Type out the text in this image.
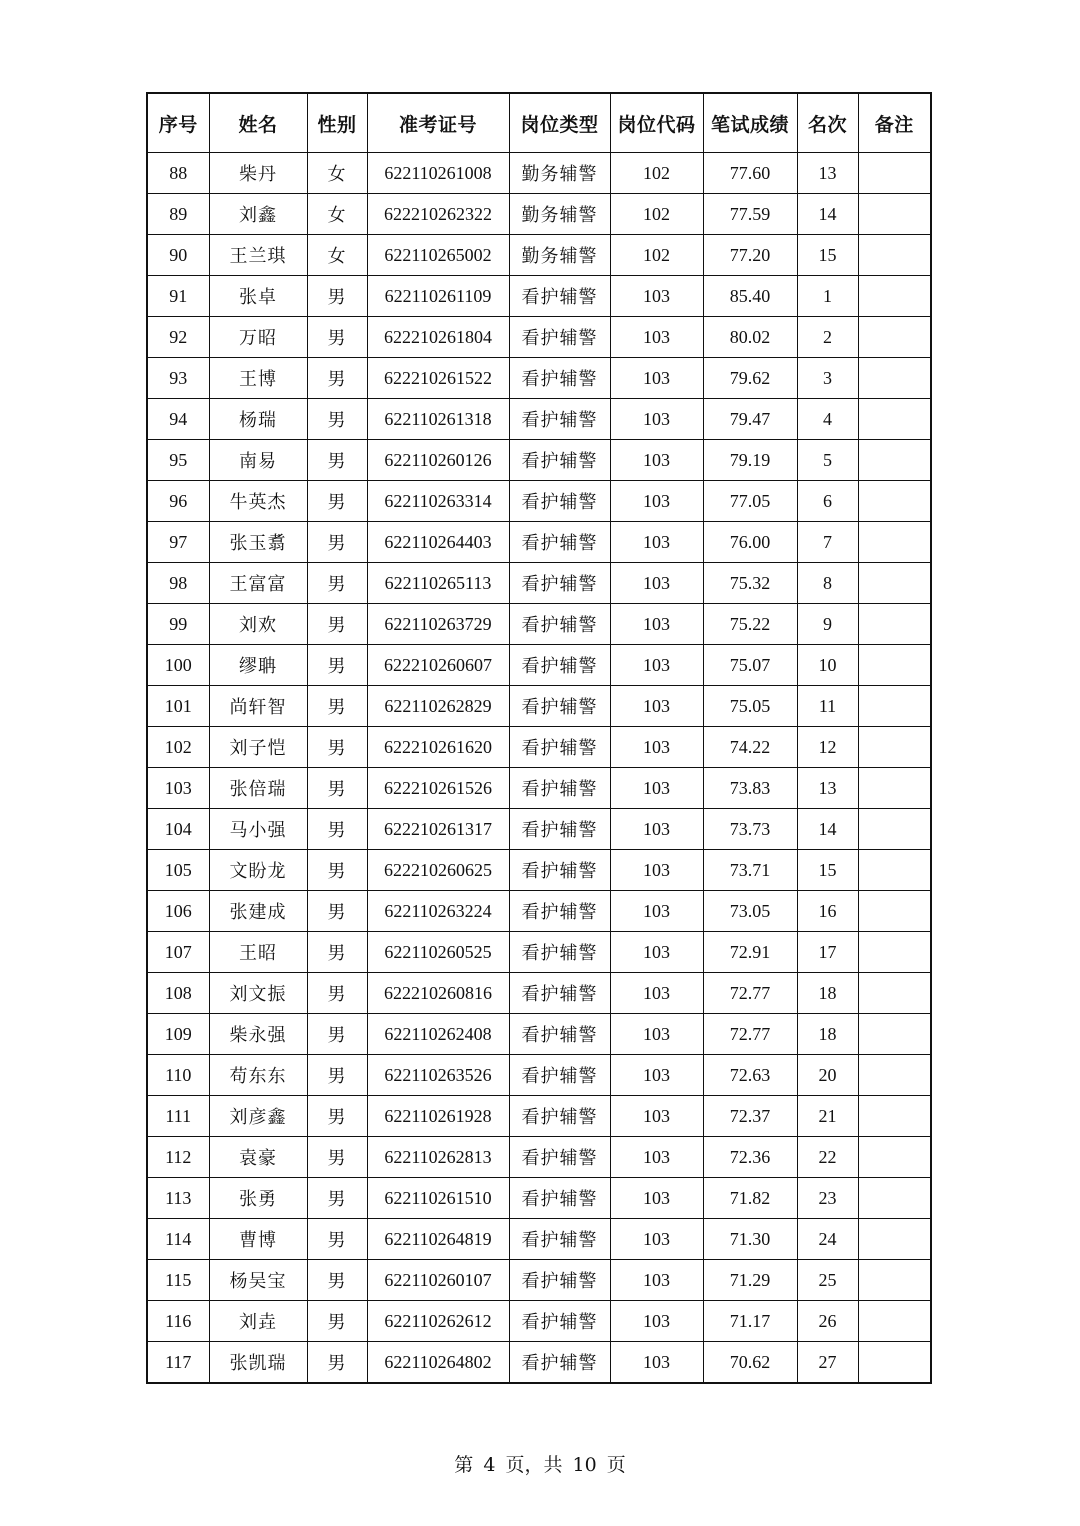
序号	姓名	性别	准考证号	岗位类型	岗位代码	笔试成绩	名次	备注
88	柴丹	女	622110261008	勤务辅警	102	77.60	13	
89	刘鑫	女	622210262322	勤务辅警	102	77.59	14	
90	王兰琪	女	622110265002	勤务辅警	102	77.20	15	
91	张卓	男	622110261109	看护辅警	103	85.40	1	
92	万昭	男	622210261804	看护辅警	103	80.02	2	
93	王博	男	622210261522	看护辅警	103	79.62	3	
94	杨瑞	男	622110261318	看护辅警	103	79.47	4	
95	南易	男	622110260126	看护辅警	103	79.19	5	
96	牛英杰	男	622110263314	看护辅警	103	77.05	6	
97	张玉翥	男	622110264403	看护辅警	103	76.00	7	
98	王富富	男	622110265113	看护辅警	103	75.32	8	
99	刘欢	男	622110263729	看护辅警	103	75.22	9	
100	缪聃	男	622210260607	看护辅警	103	75.07	10	
101	尚轩智	男	622110262829	看护辅警	103	75.05	11	
102	刘子恺	男	622210261620	看护辅警	103	74.22	12	
103	张倍瑞	男	622210261526	看护辅警	103	73.83	13	
104	马小强	男	622210261317	看护辅警	103	73.73	14	
105	文盼龙	男	622210260625	看护辅警	103	73.71	15	
106	张建成	男	622110263224	看护辅警	103	73.05	16	
107	王昭	男	622110260525	看护辅警	103	72.91	17	
108	刘文振	男	622210260816	看护辅警	103	72.77	18	
109	柴永强	男	622110262408	看护辅警	103	72.77	18	
110	苟东东	男	622110263526	看护辅警	103	72.63	20	
111	刘彦鑫	男	622110261928	看护辅警	103	72.37	21	
112	袁豪	男	622110262813	看护辅警	103	72.36	22	
113	张勇	男	622110261510	看护辅警	103	71.82	23	
114	曹博	男	622110264819	看护辅警	103	71.30	24	
115	杨吴宝	男	622110260107	看护辅警	103	71.29	25	
116	刘垚	男	622110262612	看护辅警	103	71.17	26	
117	张凯瑞	男	622110264802	看护辅警	103	70.62	27	
第 4 页，共 10 页
